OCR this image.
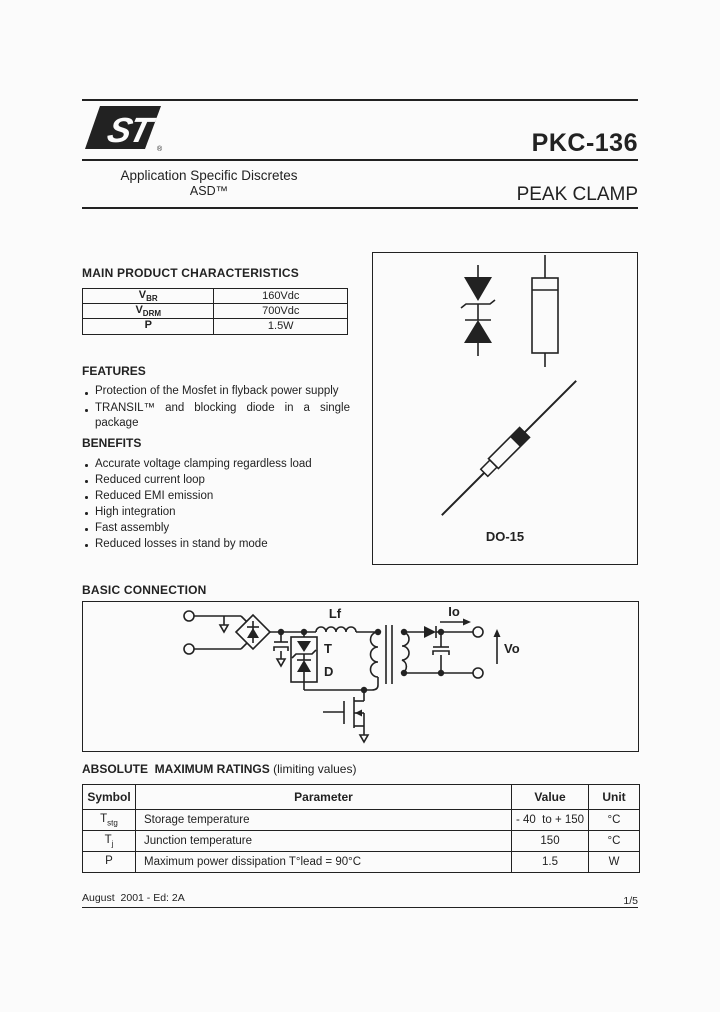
ST ®	PKC-136
Application Specific Discretes
ASD™	PEAK CLAMP
MAIN PRODUCT CHARACTERISTICS
$V_{BR}$	160Vdc
$V_{DRM}$	700Vdc
P	1.5W
FEATURES
Protection of the Mosfet in flyback power supply
TRANSIL™ and blocking diode in a single package
BENEFITS
Accurate voltage clamping regardless load
Reduced current loop
Reduced EMI emission
High integration
Fast assembly
Reduced losses in stand by mode	DO-15
BASIC CONNECTION
Lf
T
D
Io
Vo
ABSOLUTE  MAXIMUM RATINGS (limiting values)
Symbol	Parameter	Value	Unit
$T_{stg}$	Storage temperature	- 40  to + 150	°C
$T_j$	Junction temperature	150	°C
P	Maximum power dissipation T°lead = 90°C	1.5	W
August  2001 - Ed: 2A	1/5
